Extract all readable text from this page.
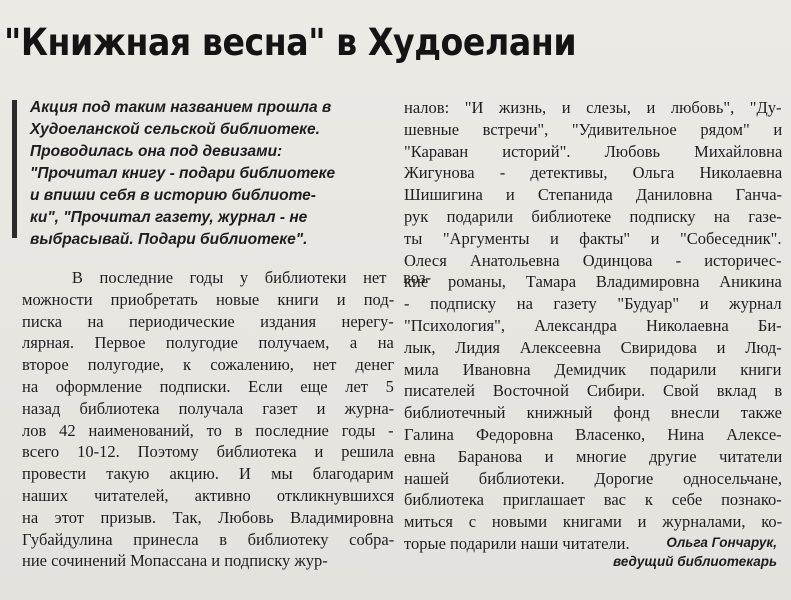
"Книжная весна" в Худоелани
Акция под таким названием прошла в
Худоеланской сельской библиотеке.
Проводилась она под девизами:
"Прочитал книгу - подари библиотеке
и впиши себя в историю библиоте-
ки", "Прочитал газету, журнал - не
выбрасывай. Подари библиотеке".
В последние годы у библиотеки нет воз-
можности приобретать новые книги и под-
писка на периодические издания нерегу-
лярная. Первое полугодие получаем, а на
второе полугодие, к сожалению, нет денег
на оформление подписки. Если еще лет 5
назад библиотека получала газет и журна-
лов 42 наименований, то в последние годы -
всего 10-12. Поэтому библиотека и решила
провести такую акцию. И мы благодарим
наших читателей, активно откликнувшихся
на этот призыв. Так, Любовь Владимировна
Губайдулина принесла в библиотеку собра-
ние сочинений Мопассана и подписку жур-
налов: "И жизнь, и слезы, и любовь", "Ду-
шевные встречи", "Удивительное рядом" и
"Караван историй". Любовь Михайловна
Жигунова - детективы, Ольга Николаевна
Шишигина и Степанида Даниловна Ганча-
рук подарили библиотеке подписку на газе-
ты "Аргументы и факты" и "Собеседник".
Олеся Анатольевна Одинцова - историчес-
кие романы, Тамара Владимировна Аникина
- подписку на газету "Будуар" и журнал
"Психология", Александра Николаевна Би-
лык, Лидия Алексеевна Свиридова и Люд-
мила Ивановна Демидчик подарили книги
писателей Восточной Сибири. Свой вклад в
библиотечный книжный фонд внесли также
Галина Федоровна Власенко, Нина Алексе-
евна Баранова и многие другие читатели
нашей библиотеки. Дорогие односельчане,
библиотека приглашает вас к себе познако-
миться с новыми книгами и журналами, ко-
торые подарили наши читатели.	Ольга Гончарук,
ведущий библиотекарь
